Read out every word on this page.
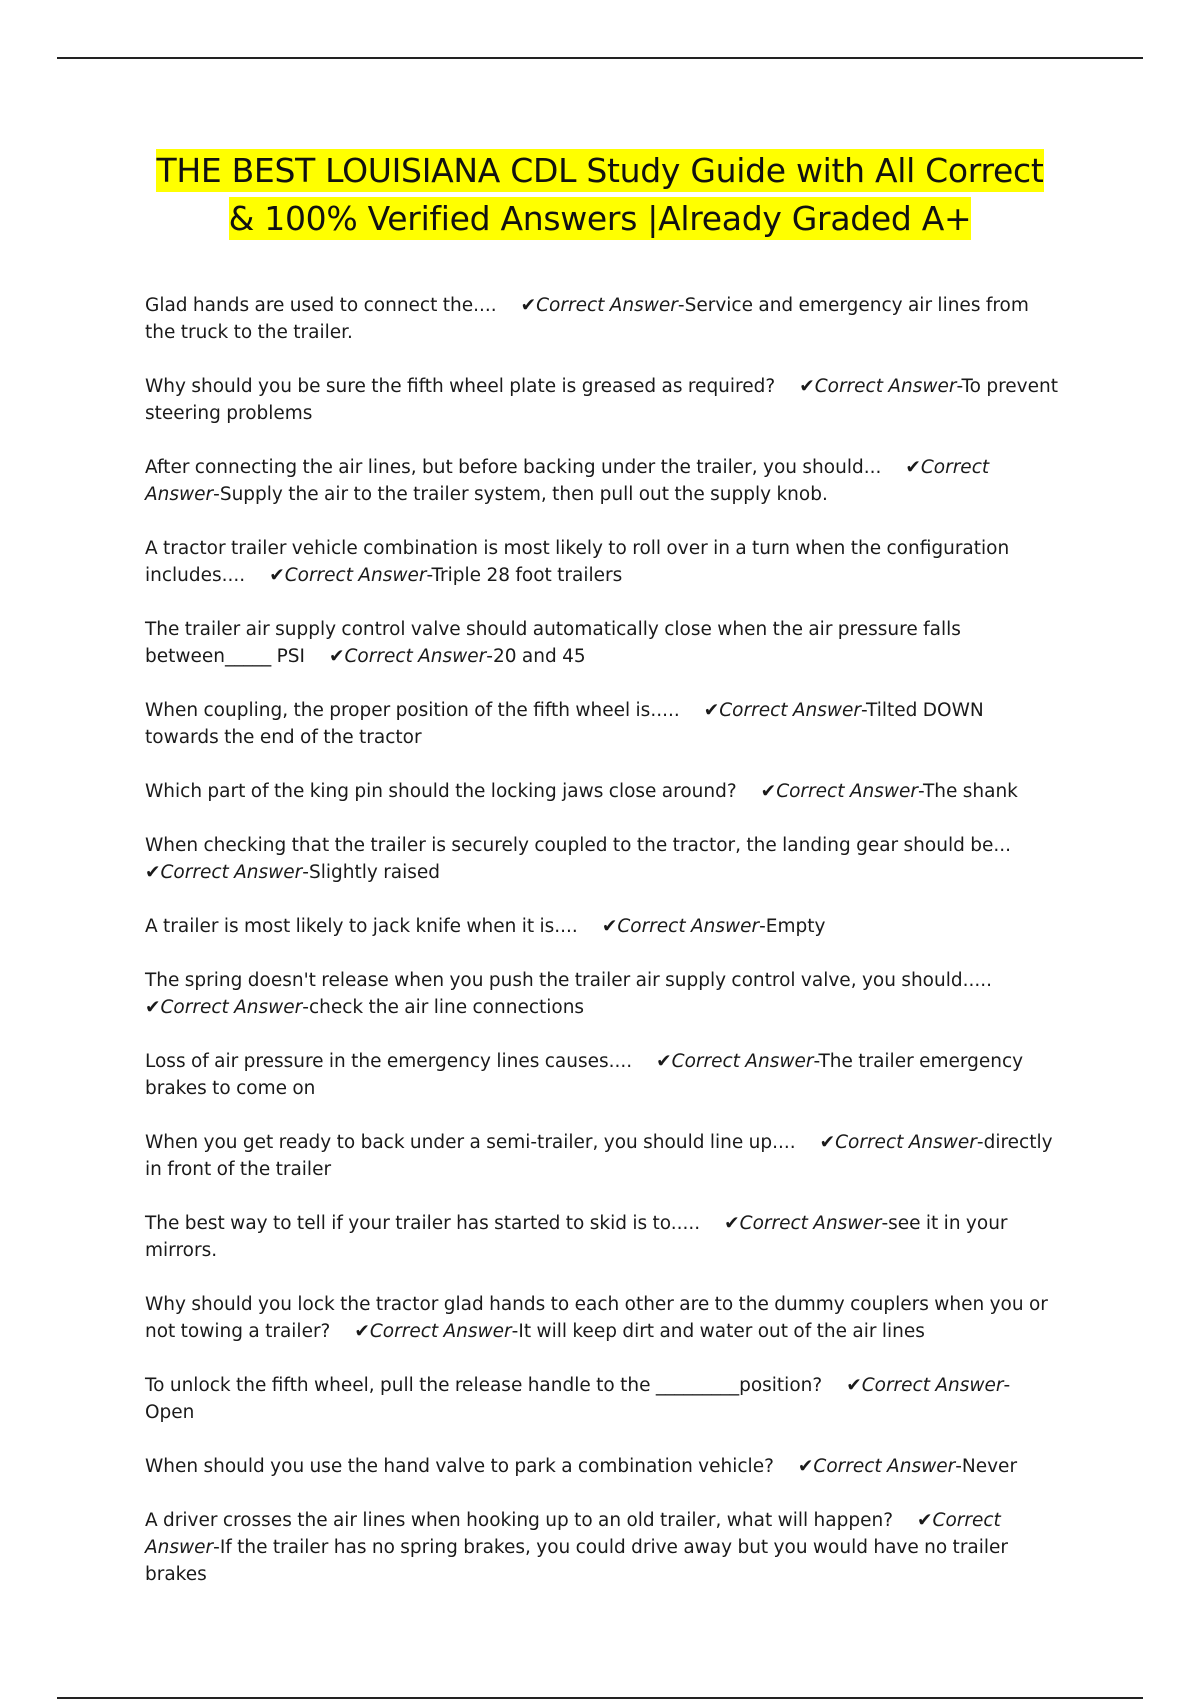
THE BEST LOUISIANA CDL Study Guide with All Correct
& 100% Verified Answers |Already Graded A+
Glad hands are used to connect the.... ✔Correct Answer-Service and emergency air lines from the truck to the trailer.
Why should you be sure the fifth wheel plate is greased as required? ✔Correct Answer-To prevent steering problems
After connecting the air lines, but before backing under the trailer, you should... ✔Correct Answer-Supply the air to the trailer system, then pull out the supply knob.
A tractor trailer vehicle combination is most likely to roll over in a turn when the configuration includes.... ✔Correct Answer-Triple 28 foot trailers
The trailer air supply control valve should automatically close when the air pressure falls between_____ PSI ✔Correct Answer-20 and 45
When coupling, the proper position of the fifth wheel is..... ✔Correct Answer-Tilted DOWN towards the end of the tractor
Which part of the king pin should the locking jaws close around? ✔Correct Answer-The shank
When checking that the trailer is securely coupled to the tractor, the landing gear should be...✔Correct Answer-Slightly raised
A trailer is most likely to jack knife when it is.... ✔Correct Answer-Empty
The spring doesn't release when you push the trailer air supply control valve, you should.....✔Correct Answer-check the air line connections
Loss of air pressure in the emergency lines causes.... ✔Correct Answer-The trailer emergency brakes to come on
When you get ready to back under a semi-trailer, you should line up.... ✔Correct Answer-directly in front of the trailer
The best way to tell if your trailer has started to skid is to..... ✔Correct Answer-see it in your mirrors.
Why should you lock the tractor glad hands to each other are to the dummy couplers when you or not towing a trailer? ✔Correct Answer-It will keep dirt and water out of the air lines
To unlock the fifth wheel, pull the release handle to the _________position? ✔Correct Answer-Open
When should you use the hand valve to park a combination vehicle? ✔Correct Answer-Never
A driver crosses the air lines when hooking up to an old trailer, what will happen? ✔Correct Answer-If the trailer has no spring brakes, you could drive away but you would have no trailer brakes
